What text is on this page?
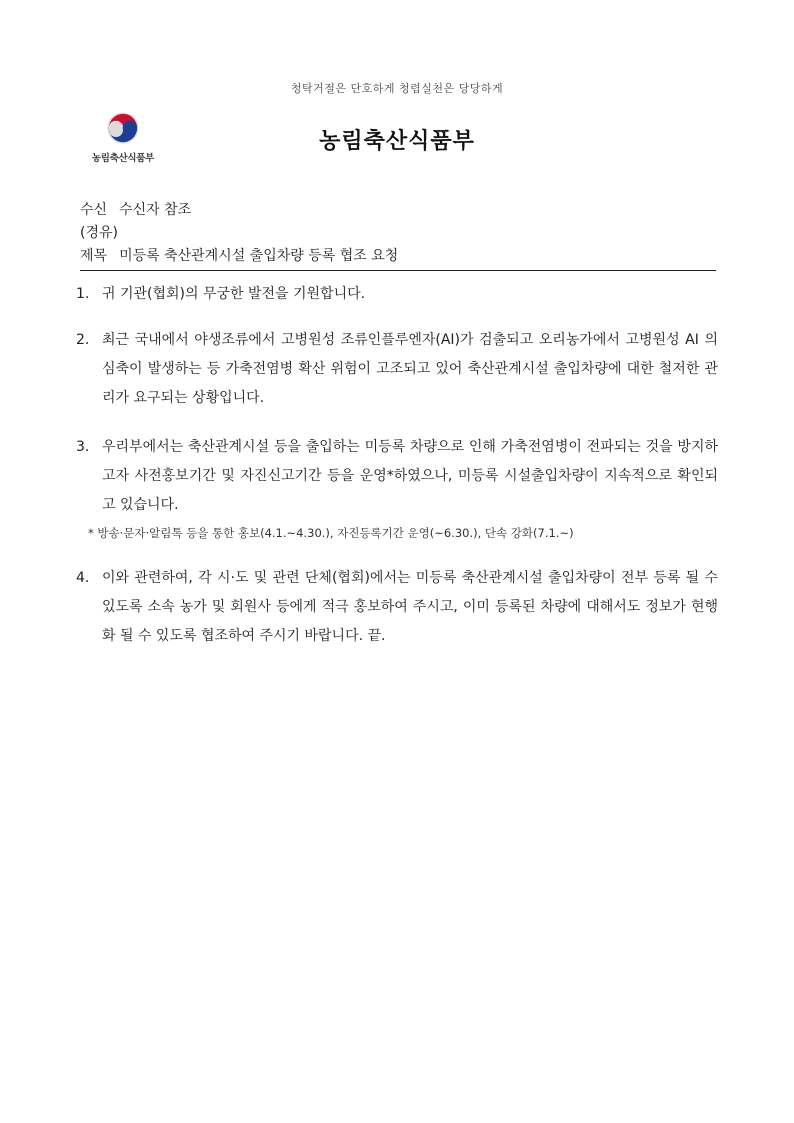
청탁거절은 단호하게 청렴실천은 당당하게
농림축산식품부
농림축산식품부
수신 수신자 참조
(경유)
제목 미등록 축산관계시설 출입차량 등록 협조 요청
1. 귀 기관(협회)의 무궁한 발전을 기원합니다.
2. 최근 국내에서 야생조류에서 고병원성 조류인플루엔자(AI)가 검출되고 오리농가에서 고병원성 AI 의심축이 발생하는 등 가축전염병 확산 위험이 고조되고 있어 축산관계시설 출입차량에 대한 철저한 관리가 요구되는 상황입니다.
3. 우리부에서는 축산관계시설 등을 출입하는 미등록 차량으로 인해 가축전염병이 전파되는 것을 방지하고자 사전홍보기간 및 자진신고기간 등을 운영*하였으나, 미등록 시설출입차량이 지속적으로 확인되고 있습니다.
* 방송·문자·알림톡 등을 통한 홍보(4.1.~4.30.), 자진등록기간 운영(~6.30.), 단속 강화(7.1.~)
4. 이와 관련하여, 각 시·도 및 관련 단체(협회)에서는 미등록 축산관계시설 출입차량이 전부 등록 될 수 있도록 소속 농가 및 회원사 등에게 적극 홍보하여 주시고, 이미 등록된 차량에 대해서도 정보가 현행화 될 수 있도록 협조하여 주시기 바랍니다. 끝.
